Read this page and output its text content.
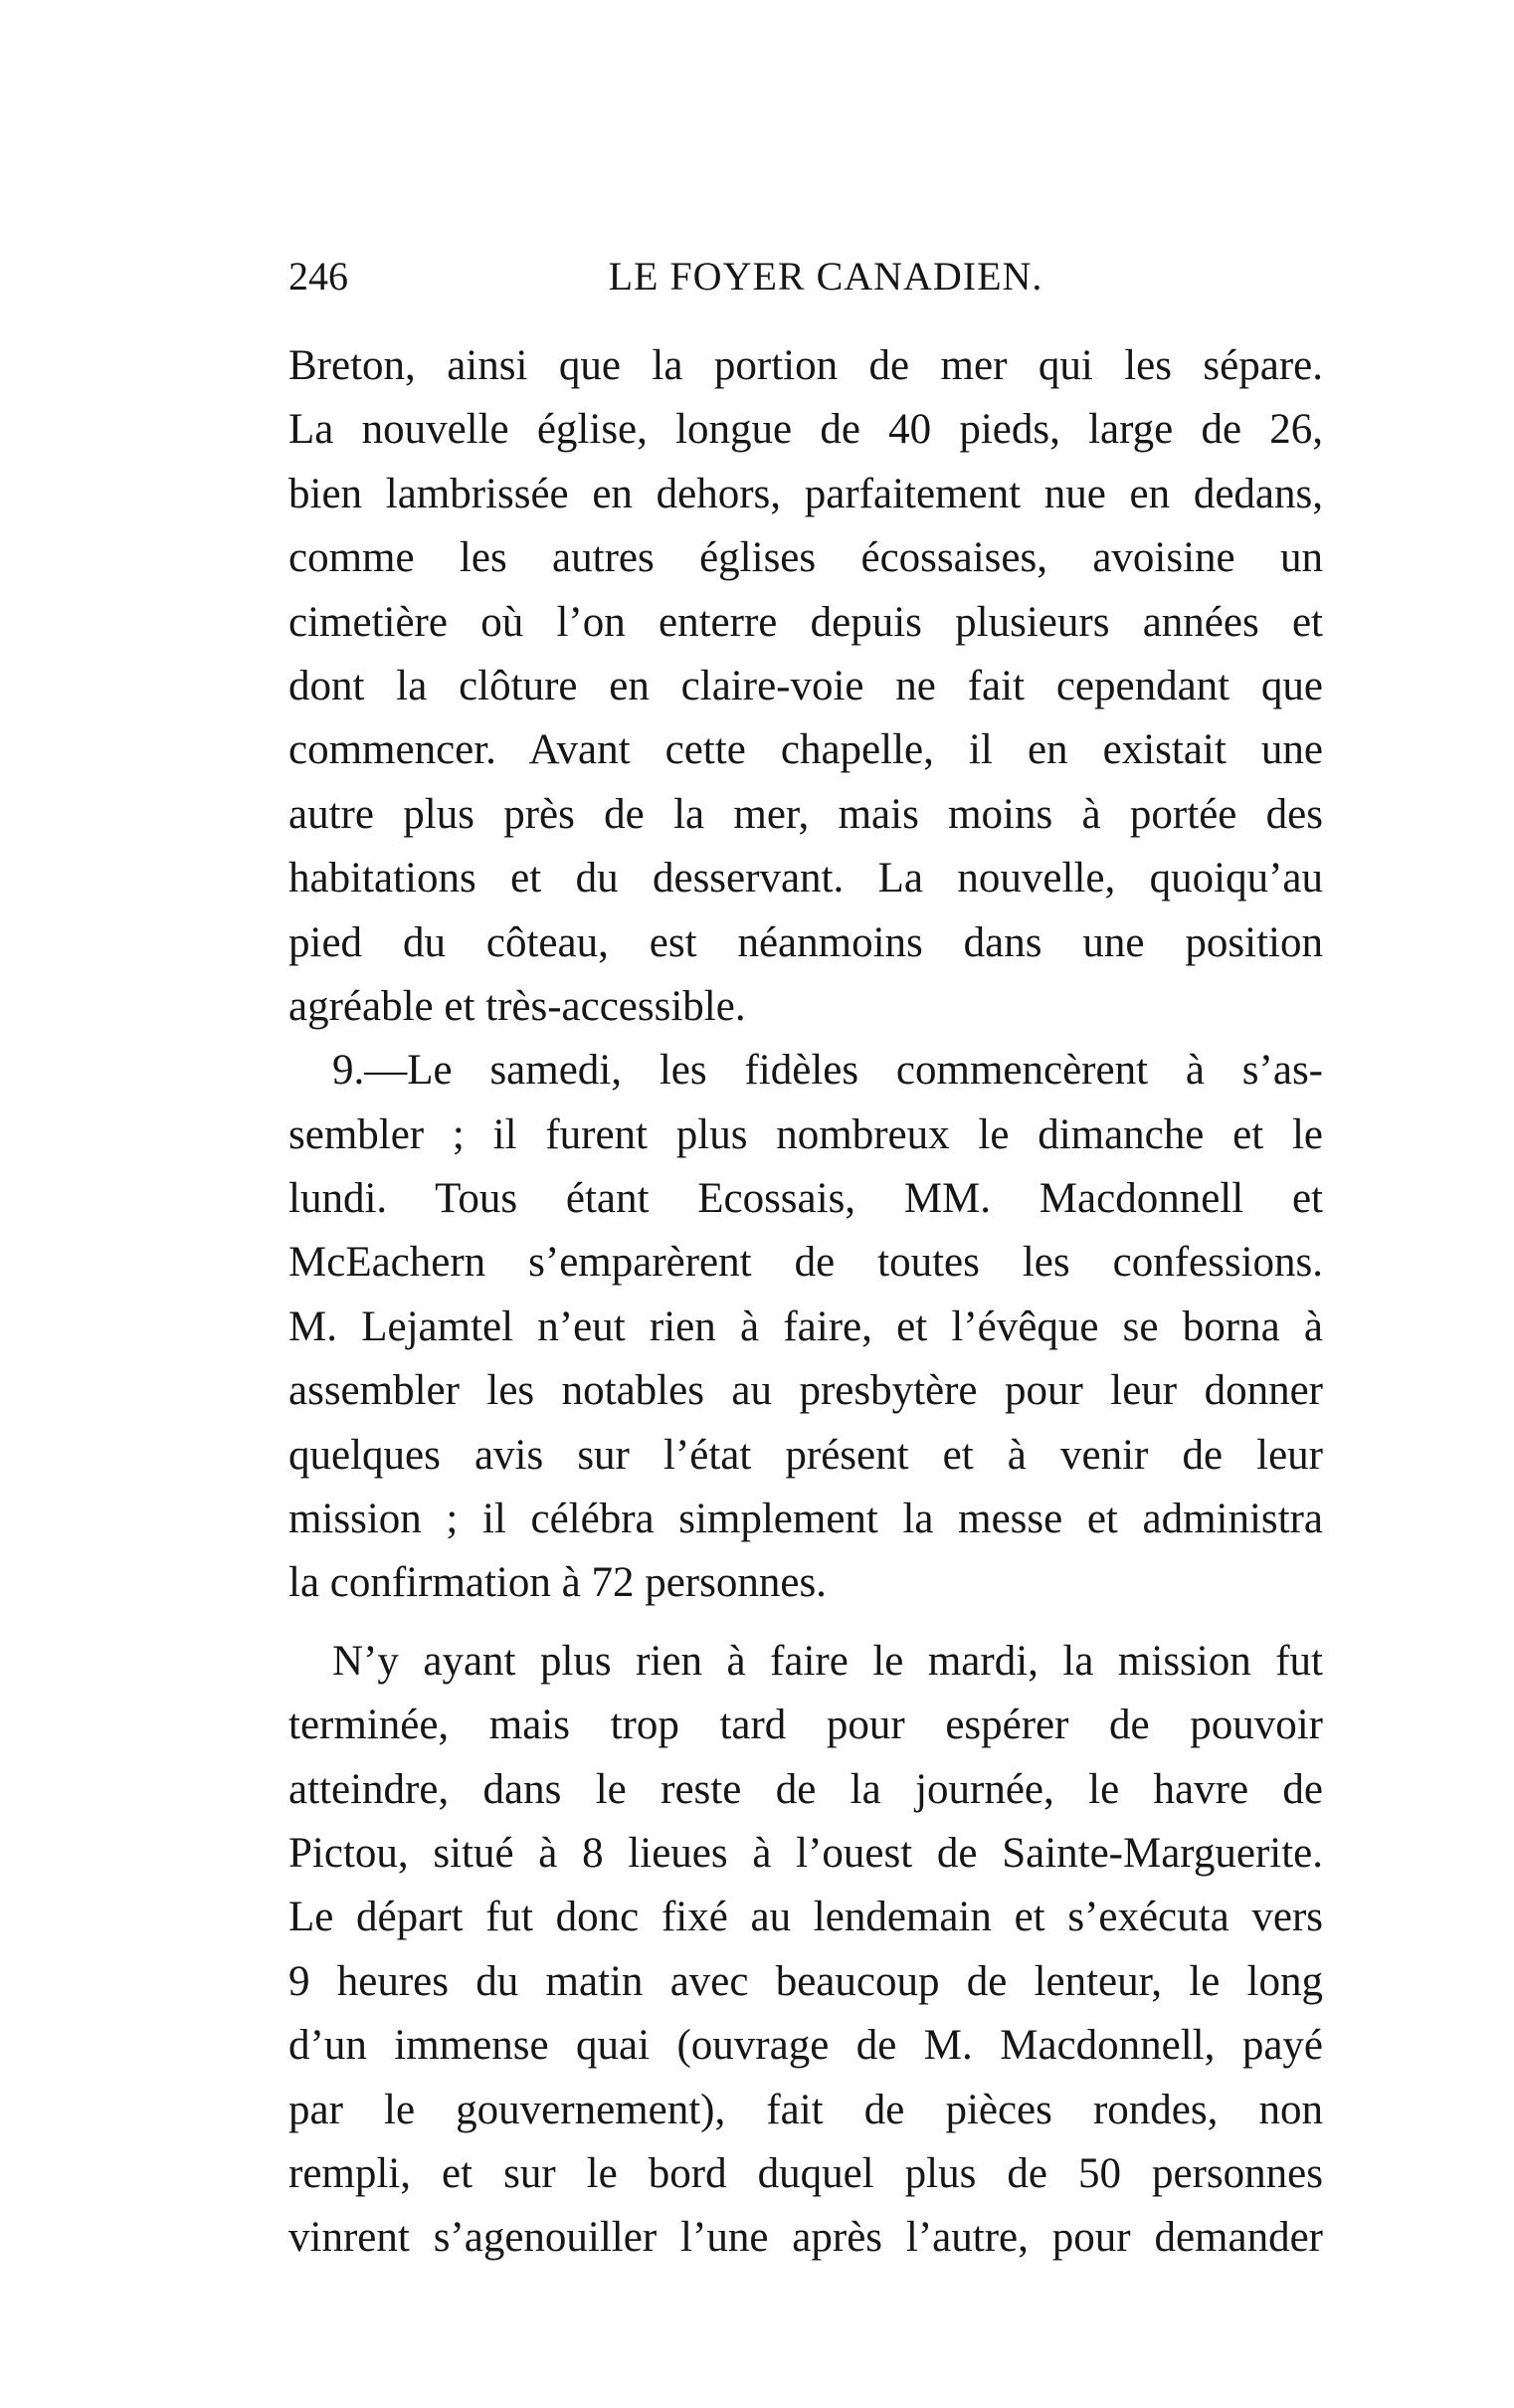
246	LE FOYER CANADIEN.
Breton, ainsi que la portion de mer qui les sépare.
La nouvelle église, longue de 40 pieds, large de 26,
bien lambrissée en dehors, parfaitement nue en dedans,
comme les autres églises écossaises, avoisine un
cimetière où l’on enterre depuis plusieurs années et
dont la clôture en claire-voie ne fait cependant que
commencer. Avant cette chapelle, il en existait une
autre plus près de la mer, mais moins à portée des
habitations et du desservant. La nouvelle, quoiqu’au
pied du côteau, est néanmoins dans une position
agréable et très-accessible.
9.—Le samedi, les fidèles commencèrent à s’as-
sembler ; il furent plus nombreux le dimanche et le
lundi. Tous étant Ecossais, MM. Macdonnell et
McEachern s’emparèrent de toutes les confessions.
M. Lejamtel n’eut rien à faire, et l’évêque se borna à
assembler les notables au presbytère pour leur donner
quelques avis sur l’état présent et à venir de leur
mission ; il célébra simplement la messe et administra
la confirmation à 72 personnes.
N’y ayant plus rien à faire le mardi, la mission fut
terminée, mais trop tard pour espérer de pouvoir
atteindre, dans le reste de la journée, le havre de
Pictou, situé à 8 lieues à l’ouest de Sainte-Marguerite.
Le départ fut donc fixé au lendemain et s’exécuta vers
9 heures du matin avec beaucoup de lenteur, le long
d’un immense quai (ouvrage de M. Macdonnell, payé
par le gouvernement), fait de pièces rondes, non
rempli, et sur le bord duquel plus de 50 personnes
vinrent s’agenouiller l’une après l’autre, pour demander
